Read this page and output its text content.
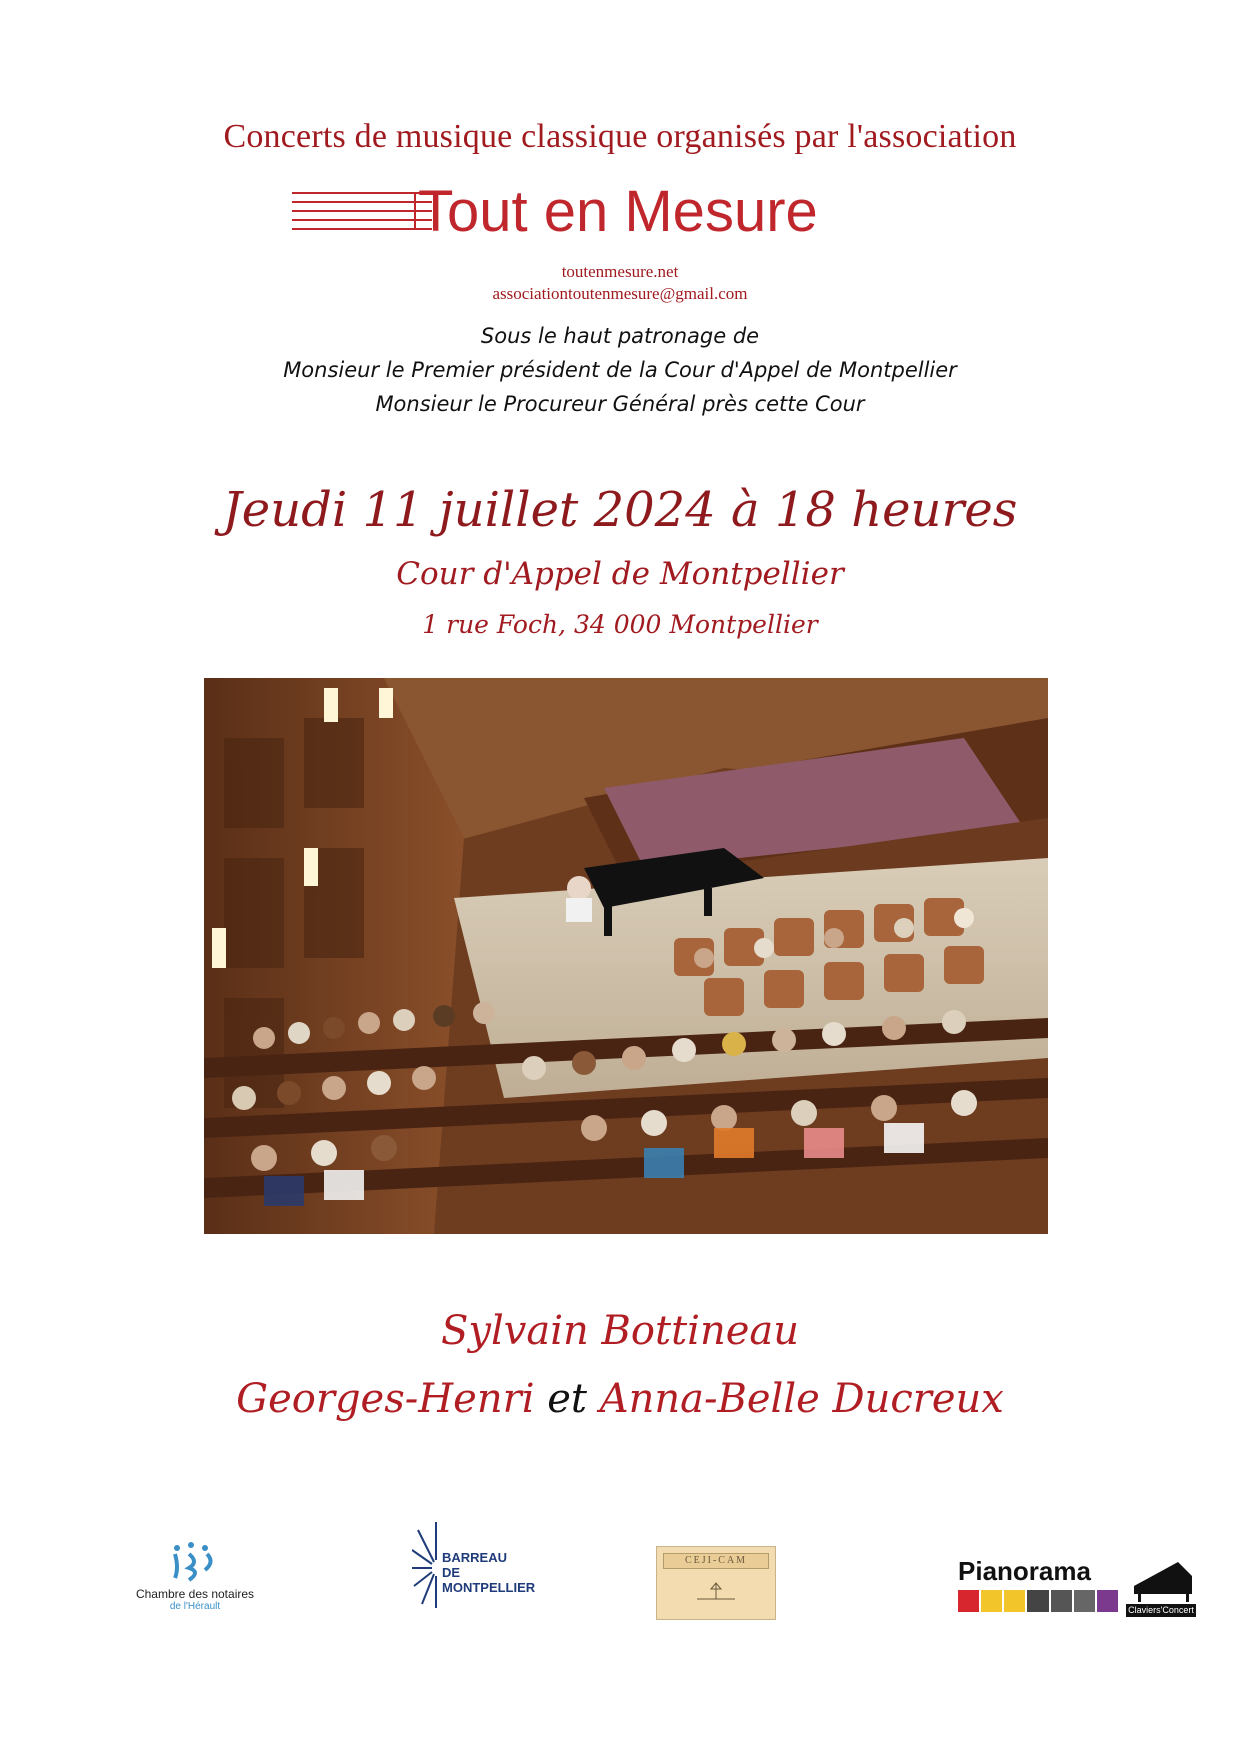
Concerts de musique classique organisés par l'association
Tout en Mesure
toutenmesure.net
associationtoutenmesure@gmail.com
Sous le haut patronage de
Monsieur le Premier président de la Cour d'Appel de Montpellier
Monsieur le Procureur Général près cette Cour
Jeudi 11 juillet 2024 à 18 heures
Cour d'Appel de Montpellier
1 rue Foch, 34 000 Montpellier
Sylvain Bottineau
Georges-Henri et Anna-Belle Ducreux
Chambre des notaires
de l'Hérault
BARREAU
DE MONTPELLIER
CEJI-CAM	Pianorama
Claviers'Concert
